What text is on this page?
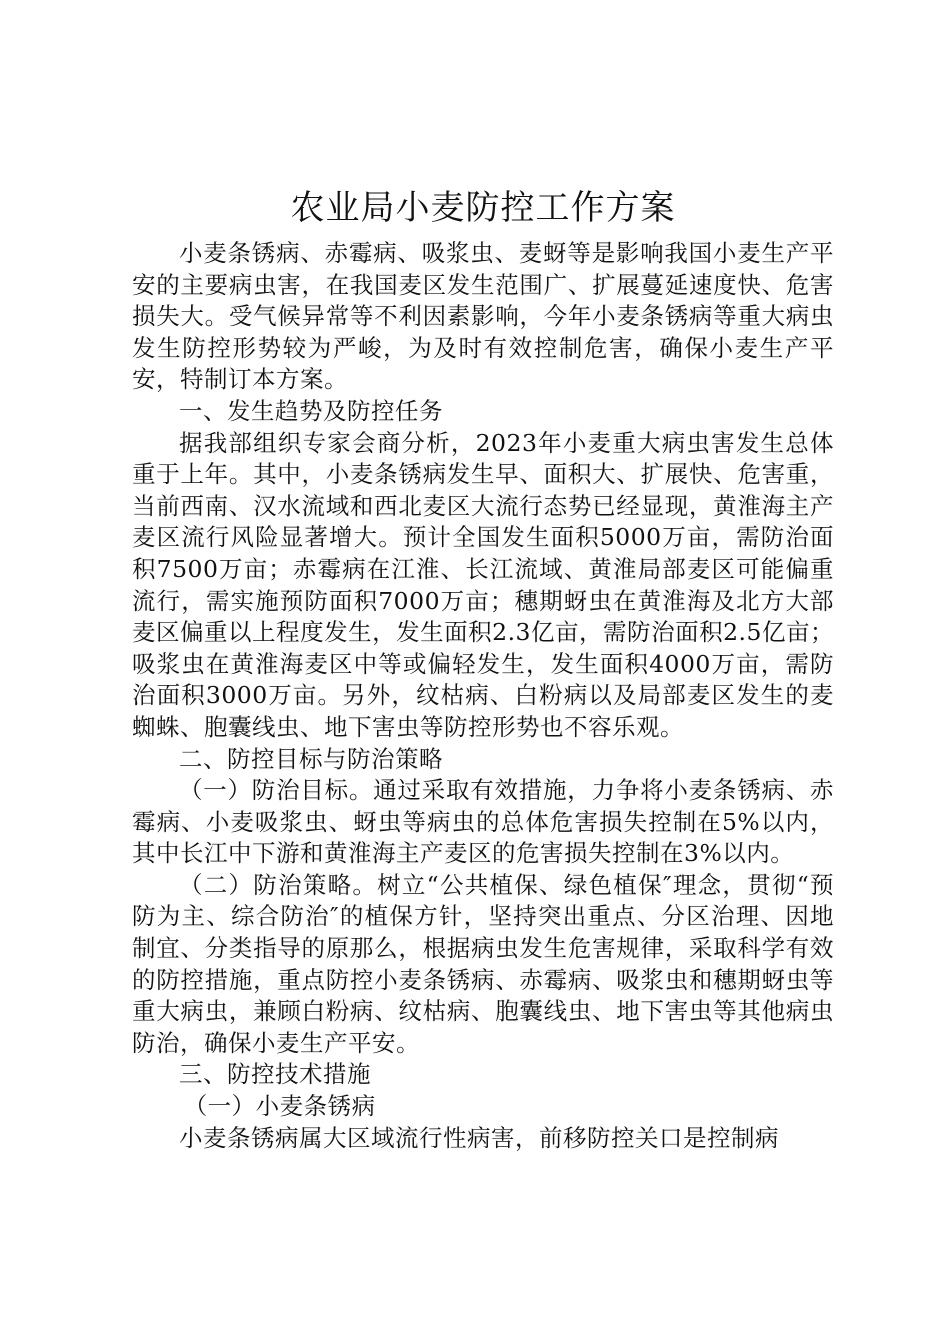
农业局小麦防控工作方案

小麦条锈病、赤霉病、吸浆虫、麦蚜等是影响我国小麦生产平安的主要病虫害，在我国麦区发生范围广、扩展蔓延速度快、危害损失大。受气候异常等不利因素影响，今年小麦条锈病等重大病虫发生防控形势较为严峻，为及时有效控制危害，确保小麦生产平安，特制订本方案。

一、发生趋势及防控任务

据我部组织专家会商分析，2023年小麦重大病虫害发生总体重于上年。其中，小麦条锈病发生早、面积大、扩展快、危害重，当前西南、汉水流域和西北麦区大流行态势已经显现，黄淮海主产麦区流行风险显著增大。预计全国发生面积5000万亩，需防治面积7500万亩；赤霉病在江淮、长江流域、黄淮局部麦区可能偏重流行，需实施预防面积7000万亩；穗期蚜虫在黄淮海及北方大部麦区偏重以上程度发生，发生面积2.3亿亩，需防治面积2.5亿亩；吸浆虫在黄淮海麦区中等或偏轻发生，发生面积4000万亩，需防治面积3000万亩。另外，纹枯病、白粉病以及局部麦区发生的麦蜘蛛、胞囊线虫、地下害虫等防控形势也不容乐观。

二、防控目标与防治策略

（一）防治目标。通过采取有效措施，力争将小麦条锈病、赤霉病、小麦吸浆虫、蚜虫等病虫的总体危害损失控制在5%以内，其中长江中下游和黄淮海主产麦区的危害损失控制在3%以内。

（二）防治策略。树立“公共植保、绿色植保″理念，贯彻“预防为主、综合防治″的植保方针，坚持突出重点、分区治理、因地制宜、分类指导的原那么，根据病虫发生危害规律，采取科学有效的防控措施，重点防控小麦条锈病、赤霉病、吸浆虫和穗期蚜虫等重大病虫，兼顾白粉病、纹枯病、胞囊线虫、地下害虫等其他病虫防治，确保小麦生产平安。

三、防控技术措施

（一）小麦条锈病

小麦条锈病属大区域流行性病害，前移防控关口是控制病
